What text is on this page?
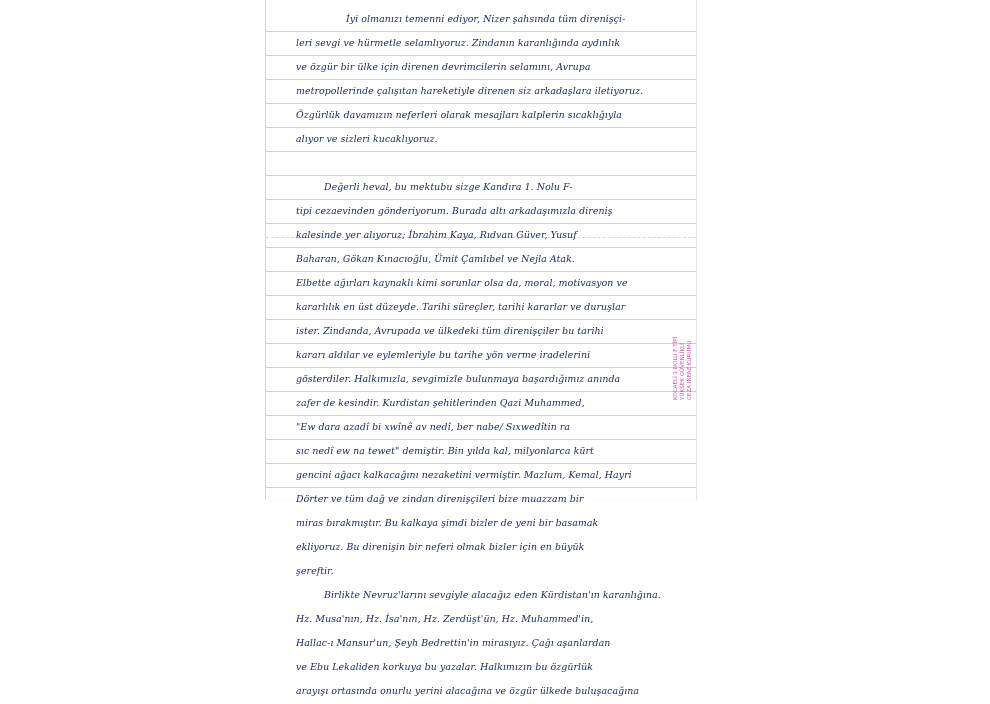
İyi olmanızı temenni ediyor, Nizer şahsında tüm direnişçi-
leri sevgi ve hürmetle selamlıyoruz. Zindanın karanlığında aydınlık
ve özgür bir ülke için direnen devrimcilerin selamını, Avrupa
metropollerinde çalışıtan hareketiyle direnen siz arkadaşlara iletiyoruz.
Özgürlük davamızın neferleri olarak mesajları kalplerin sıcaklığıyla
alıyor ve sizleri kucaklıyoruz.
Değerli heval, bu mektubu sizge Kandıra 1. Nolu F-
tipi cezaevinden gönderiyorum. Burada altı arkadaşımızla direniş
kalesinde yer alıyoruz; İbrahim Kaya, Rıdvan Güver, Yusuf
Baharan, Gökan Kınacıoğlu, Ümit Çamlıbel ve Nejla Atak.
Elbette ağırları kaynaklı kimi sorunlar olsa da, moral, motivasyon ve
kararlılık en üst düzeyde. Tarihi süreçler, tarihi kararlar ve duruşlar
ister. Zindanda, Avrupada ve ülkedeki tüm direnişçiler bu tarihi
kararı aldılar ve eylemleriyle bu tarihe yön verme iradelerini
gösterdiler. Halkımızla, sevgimizle bulunmaya başardığımız anında
zafer de kesindir. Kurdistan şehitlerinden Qazi Muhammed,
"Ew dara azadî bi xwînê av nedî, ber nabe/ Sıxwedîtin ra
sıc nedî ew na tewet" demiştir. Bin yılda kal, milyonlarca kürt
gencini ağacı kalkacağını nezaketini vermiştir. Mazlum, Kemal, Hayri
Dörter ve tüm dağ ve zindan direnişçileri bize muazzam bir
miras bırakmıştır. Bu kalkaya şimdi bizler de yeni bir basamak
ekliyoruz. Bu direnişin bir neferi olmak bizler için en büyük
şereftir.
Birlikte Nevruz'larını sevgiyle alacağız eden Kürdistan'ın karanlığına.
Hz. Musa'nın, Hz. İsa'nın, Hz. Zerdüşt'ün, Hz. Muhammed'in,
Hallac-ı Mansur'un, Şeyh Bedrettin'in mirasıyız. Çağı aşanlardan
ve Ebu Lekaliden korkuya bu yazalar. Halkımızın bu özgürlük
arayışı ortasında onurlu yerini alacağına ve özgür ülkede buluşacağına
KOCAELİ 1 NOLU F TİPİ YÜKSEK GÜVENLİKLİ CEZA İNFAZ KURUMU
